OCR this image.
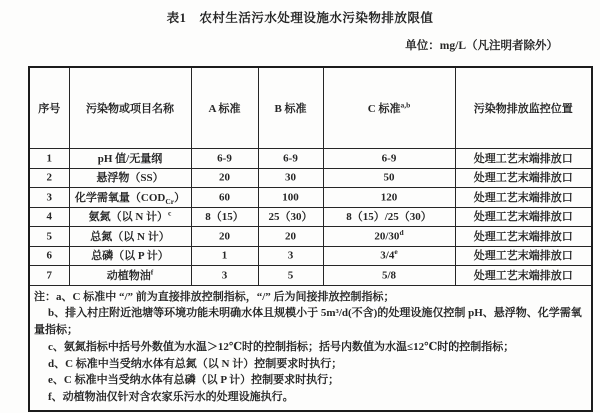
表1　农村生活污水处理设施水污染物排放限值
单位：mg/L（凡注明者除外）
序号	污染物或项目名称	A 标准	B 标准	C 标准$^{a,b}$	污染物排放监控位置
1	pH 值/无量纲	6-9	6-9	6-9	处理工艺末端排放口
2	悬浮物（SS）	20	30	50	处理工艺末端排放口
3	化学需氧量$(COD_{Cr})$	60	100	120	处理工艺末端排放口
4	氨氮（以 N 计）$^c$	8（15）	25（30）	8（15）/25（30）	处理工艺末端排放口
5	总氮（以 N 计）	20	20	20/30$^d$	处理工艺末端排放口
6	总磷（以 P 计）	1	3	3/4e	处理工艺末端排放口
7	动植物油$^f$	3	5	5/8	处理工艺末端排放口

注：a、C 标准中 “/” 前为直接排放控制指标，“/” 后为间接排放控制指标；
b、排入村庄附近池塘等环境功能未明确水体且规模小于 5m³/d(不含)的处理设施仅控制 pH、悬浮物、化学需氧量指标；
c、氨氮指标中括号外数值为水温＞12℃时的控制指标；括号内数值为水温≤12℃时的控制指标；
d、C 标准中当受纳水体有总氮（以 N 计）控制要求时执行；
e、C 标准中当受纳水体有总磷（以 P 计）控制要求时执行；
f、动植物油仅针对含农家乐污水的处理设施执行。
